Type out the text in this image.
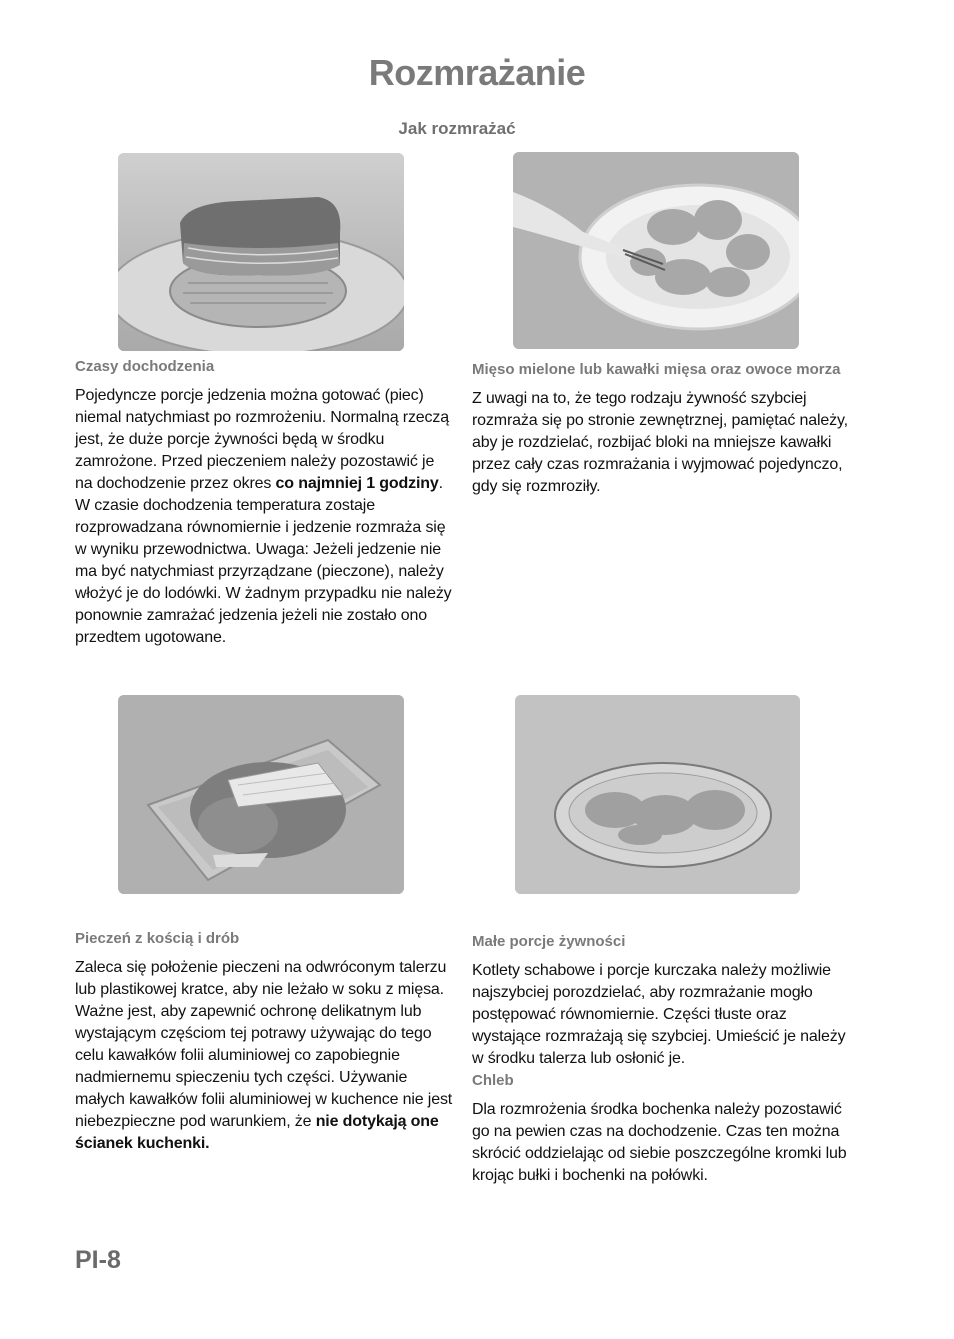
Rozmrażanie
Jak rozmrażać

Czasy dochodzenia

Pojedyncze porcje jedzenia można gotować (piec) niemal natychmiast po rozmrożeniu. Normalną rzeczą jest, że duże porcje żywności będą w środku zamrożone. Przed pieczeniem należy pozostawić je na dochodzenie przez okres co najmniej 1 godziny. W czasie dochodzenia temperatura zostaje rozprowadzana równomiernie i jedzenie rozmraża się w wyniku przewodnictwa. Uwaga: Jeżeli jedzenie nie ma być natychmiast przyrządzane (pieczone), należy włożyć je do lodówki. W żadnym przypadku nie należy ponownie zamrażać jedzenia jeżeli nie zostało ono przedtem ugotowane.

Mięso mielone lub kawałki mięsa oraz owoce morza

Z uwagi na to, że tego rodzaju żywność szybciej rozmraża się po stronie zewnętrznej, pamiętać należy, aby je rozdzielać, rozbijać bloki na mniejsze kawałki przez cały czas rozmrażania i wyjmować pojedynczo, gdy się rozmroziły.

Pieczeń z kością i drób

Zaleca się położenie pieczeni na odwróconym talerzu lub plastikowej kratce, aby nie leżało w soku z mięsa. Ważne jest, aby zapewnić ochronę delikatnym lub wystającym częściom tej potrawy używając do tego celu kawałków folii aluminiowej co zapobiegnie nadmiernemu spieczeniu tych części. Używanie małych kawałków folii aluminiowej w kuchence nie jest niebezpieczne pod warunkiem, że nie dotykają one ścianek kuchenki.

Małe porcje żywności

Kotlety schabowe i porcje kurczaka należy możliwie najszybciej porozdzielać, aby rozmrażanie mogło postępować równomiernie. Części tłuste oraz wystające rozmrażają się szybciej. Umieścić je należy w środku talerza lub osłonić je.

Chleb

Dla rozmrożenia środka bochenka należy pozostawić go na pewien czas na dochodzenie. Czas ten można skrócić oddzielając od siebie poszczególne kromki lub krojąc bułki i bochenki na połówki.

PI-8
